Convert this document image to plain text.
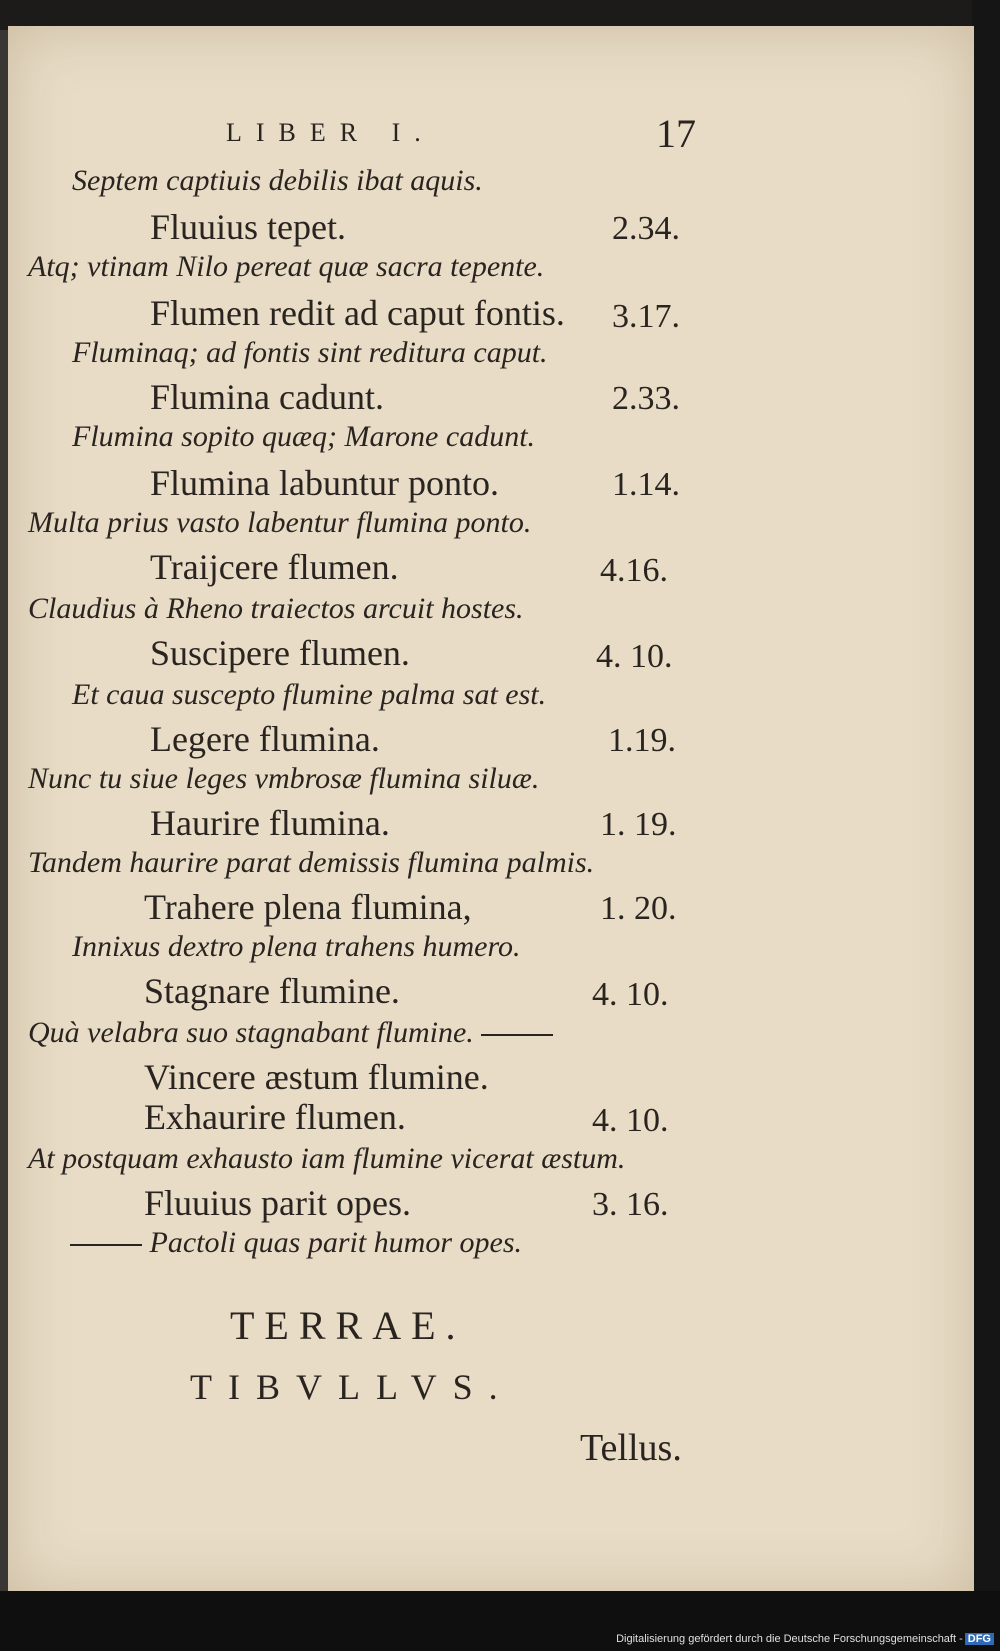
LIBER I.	17
Septem captiuis debilis ibat aquis.
Fluuius tepet.	2.34.
Atq; vtinam Nilo pereat quæ sacra tepente.
Flumen redit ad caput fontis. 3.17.
Fluminaq; ad fontis sint reditura caput.
Flumina cadunt.	2.33.
Flumina sopito quæq; Marone cadunt.
Flumina labuntur ponto.	1.14.
Multa prius vasto labentur flumina ponto.
Traijcere flumen.	4.16.
Claudius à Rheno traiectos arcuit hostes.
Suscipere flumen.	4. 10.
Et caua suscepto flumine palma sat est.
Legere flumina.	1.19.
Nunc tu siue leges vmbrosæ flumina siluæ.
Haurire flumina.	1. 19.
Tandem haurire parat demissis flumina palmis.
Trahere plena flumina,	1. 20.
Innixus dextro plena trahens humero.
Stagnare flumine.	4. 10.
Quà velabra suo stagnabant flumine.
Vincere æstum flumine.
Exhaurire flumen.	4. 10.
At postquam exhausto iam flumine vicerat æstum.
Fluuius parit opes.	3. 16.
Pactoli quas parit humor opes.
TERRAE.
TIBVLLVS.
Tellus.
Digitalisierung gefördert durch die Deutsche Forschungsgemeinschaft - DFG
